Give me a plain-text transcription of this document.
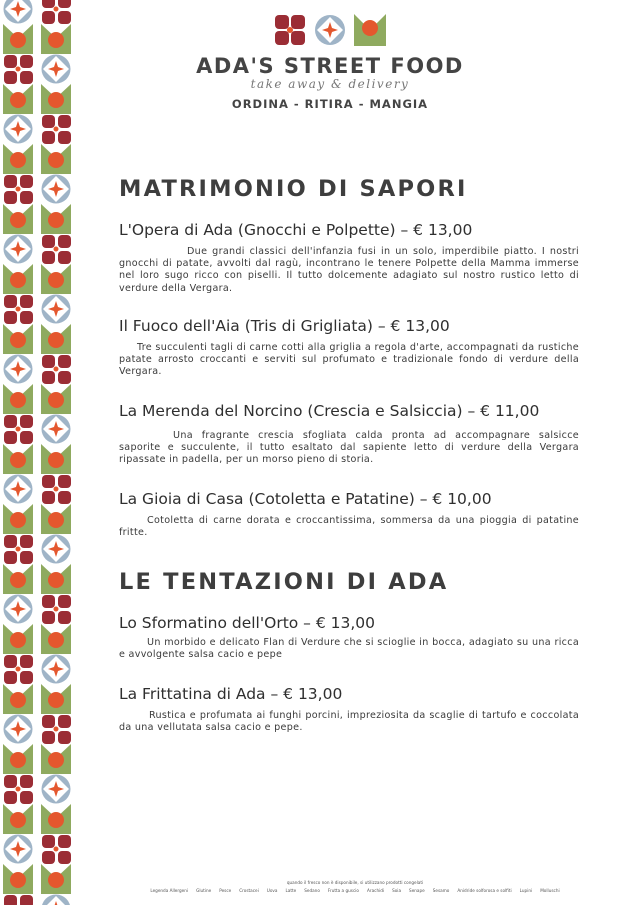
ADA'S STREET FOOD
take away & delivery
ORDINA - RITIRA - MANGIA
MATRIMONIO DI SAPORI
L'Opera di Ada (Gnocchi e Polpette) – € 13,00
Due grandi classici dell'infanzia fusi in un solo, imperdibile piatto. I nostri gnocchi di patate, avvolti dal ragù, incontrano le tenere Polpette della Mamma immerse nel loro sugo ricco con piselli. Il tutto dolcemente adagiato sul nostro rustico letto di verdure della Vergara.
Il Fuoco dell'Aia (Tris di Grigliata) – € 13,00
Tre succulenti tagli di carne cotti alla griglia a regola d'arte, accompagnati da rustiche patate arrosto croccanti e serviti sul profumato e tradizionale fondo di verdure della Vergara.
La Merenda del Norcino (Crescia e Salsiccia) – € 11,00
Una fragrante crescia sfogliata calda pronta ad accompagnare salsicce saporite e succulente, il tutto esaltato dal sapiente letto di verdure della Vergara ripassate in padella, per un morso pieno di storia.
La Gioia di Casa (Cotoletta e Patatine) – € 10,00
Cotoletta di carne dorata e croccantissima, sommersa da una pioggia di patatine fritte.
LE TENTAZIONI DI ADA
Lo Sformatino dell'Orto – € 13,00
Un morbido e delicato Flan di Verdure che si scioglie in bocca, adagiato su una ricca e avvolgente salsa cacio e pepe
La Frittatina di Ada – € 13,00
Rustica e profumata ai funghi porcini, impreziosita da scaglie di tartufo e coccolata da una vellutata salsa cacio e pepe.
quando il fresco non è disponibile, si utilizzano prodotti congelati
Legenda Allergeni Glutine Pesce Crostacei Uova Latte Sedano Frutta a guscio Arachidi Soia Senape Sesamo Anidride solforosa e solfiti Lupini Molluschi
